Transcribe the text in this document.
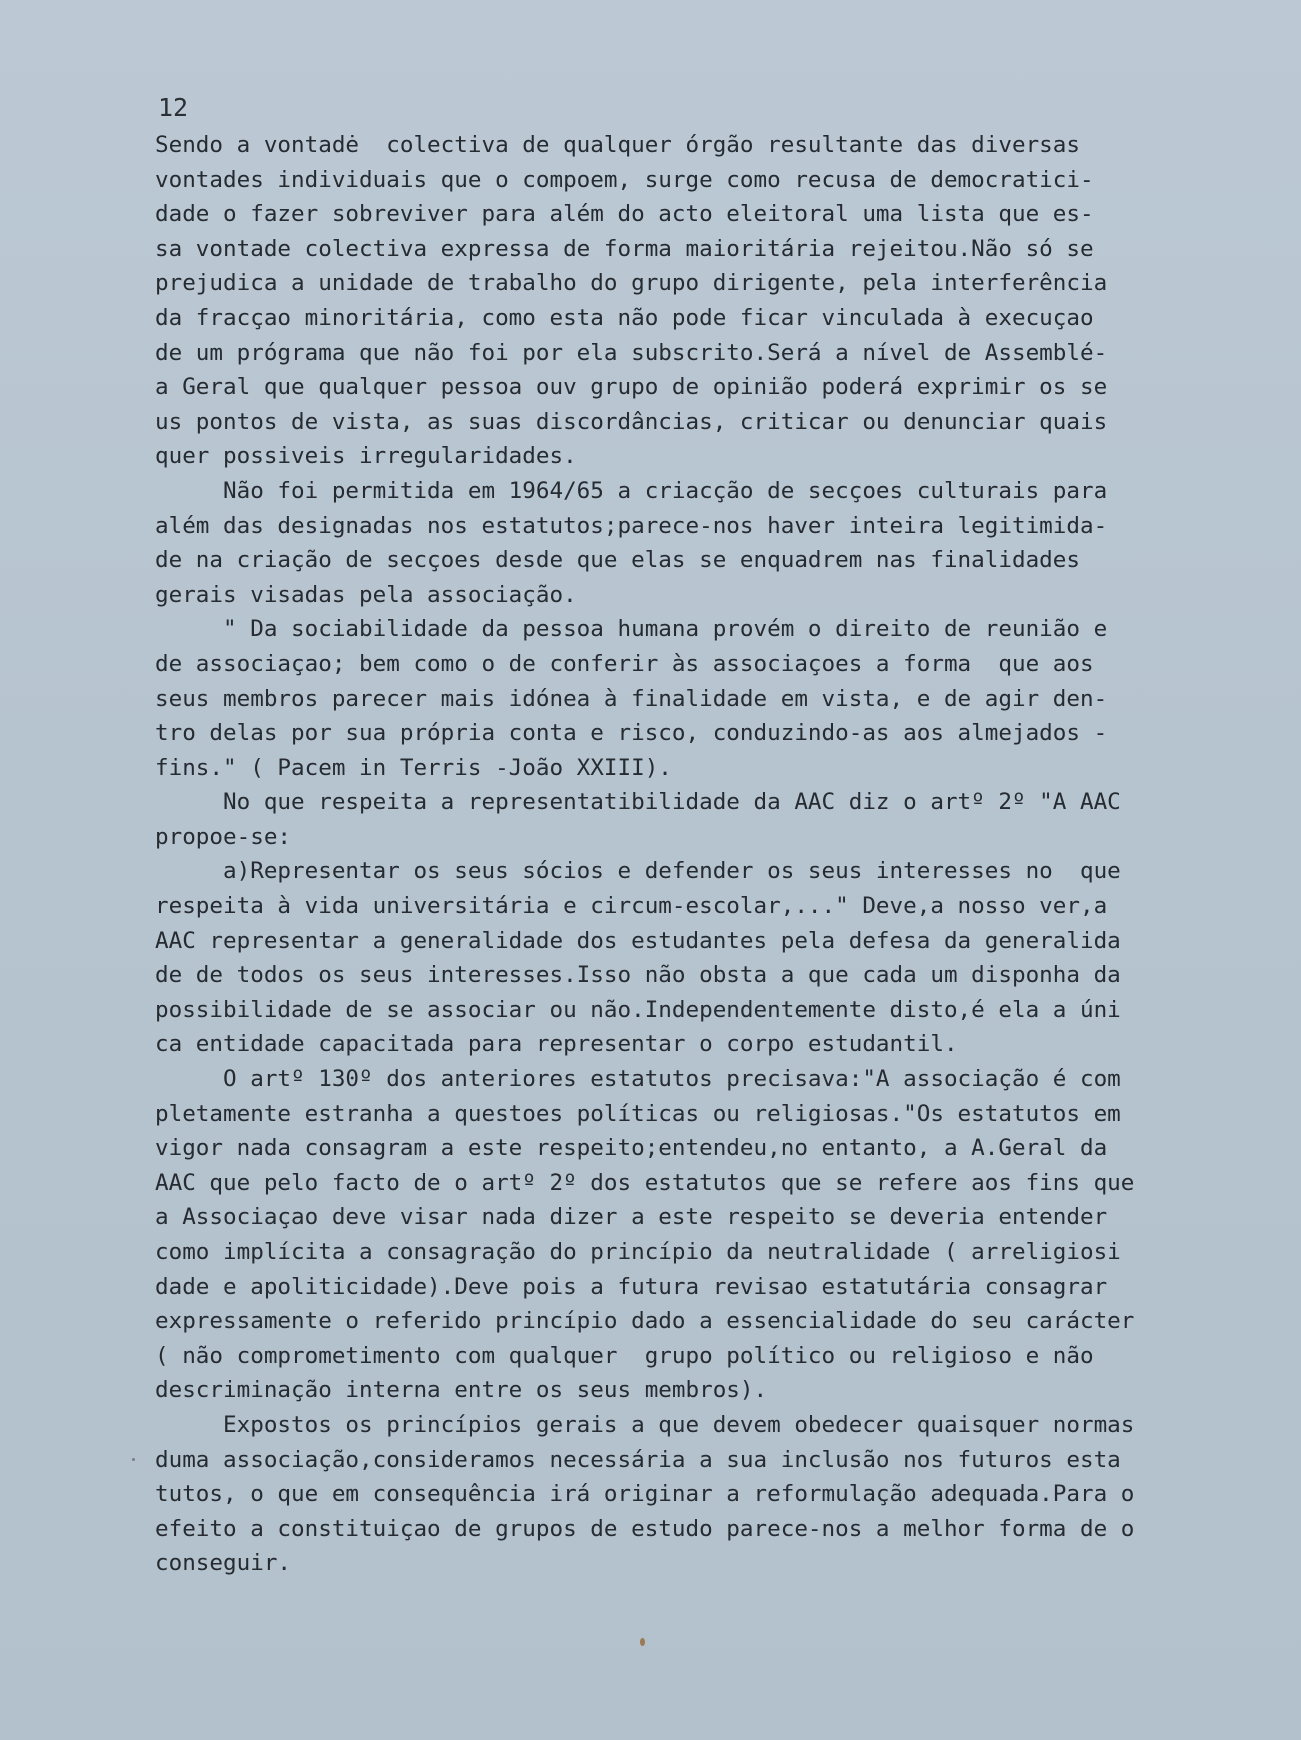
12
Sendo a vontadė  colectiva de qualquer órgão resultante das diversas
vontades individuais que o compoem, surge como recusa de democratici-
dade o fazer sobreviver para além do acto eleitoral uma lista que es-
sa vontade colectiva expressa de forma maioritária rejeitou.Não só se
prejudica a unidade de trabalho do grupo dirigente, pela interferência
da fracçao minoritária, como esta não pode ficar vinculada à execuçao
de um prógrama que não foi por ela subscrito.Será a nível de Assemblé-
a Geral que qualquer pessoa ouv grupo de opinião poderá exprimir os se
us pontos de vista, as suas discordâncias, criticar ou denunciar quais
quer possiveis irregularidades.
Não foi permitida em 1964/65 a criacção de secçoes culturais para
além das designadas nos estatutos;parece-nos haver inteira legitimida-
de na criação de secçoes desde que elas se enquadrem nas finalidades
gerais visadas pela associação.
" Da sociabilidade da pessoa humana provém o direito de reunião e
de associaçao; bem como o de conferir às associaçoes a forma  que aos
seus membros parecer mais idónea à finalidade em vista, e de agir den-
tro delas por sua própria conta e risco, conduzindo-as aos almejados -
fins." ( Pacem in Terris -João XXIII).
No que respeita a representatibilidade da AAC diz o artº 2º "A AAC
propoe-se:
a)Representar os seus sócios e defender os seus interesses no  que
respeita à vida universitária e circum-escolar,..." Deve,a nosso ver,a
AAC representar a generalidade dos estudantes pela defesa da generalida
de de todos os seus interesses.Isso não obsta a que cada um disponha da
possibilidade de se associar ou não.Independentemente disto,é ela a úni
ca entidade capacitada para representar o corpo estudantil.
O artº 130º dos anteriores estatutos precisava:"A associação é com
pletamente estranha a questoes políticas ou religiosas."Os estatutos em
vigor nada consagram a este respeito;entendeu,no entanto, a A.Geral da
AAC que pelo facto de o artº 2º dos estatutos que se refere aos fins que
a Associaçao deve visar nada dizer a este respeito se deveria entender
como implícita a consagração do princípio da neutralidade ( arreligiosi
dade e apoliticidade).Deve pois a futura revisao estatutária consagrar
expressamente o referido princípio dado a essencialidade do seu carácter
( não comprometimento com qualquer  grupo político ou religioso e não
descriminação interna entre os seus membros).
Expostos os princípios gerais a que devem obedecer quaisquer normas
duma associação,consideramos necessária a sua inclusão nos futuros esta
tutos, o que em consequência irá originar a reformulação adequada.Para o
efeito a constituiçao de grupos de estudo parece-nos a melhor forma de o
conseguir.
